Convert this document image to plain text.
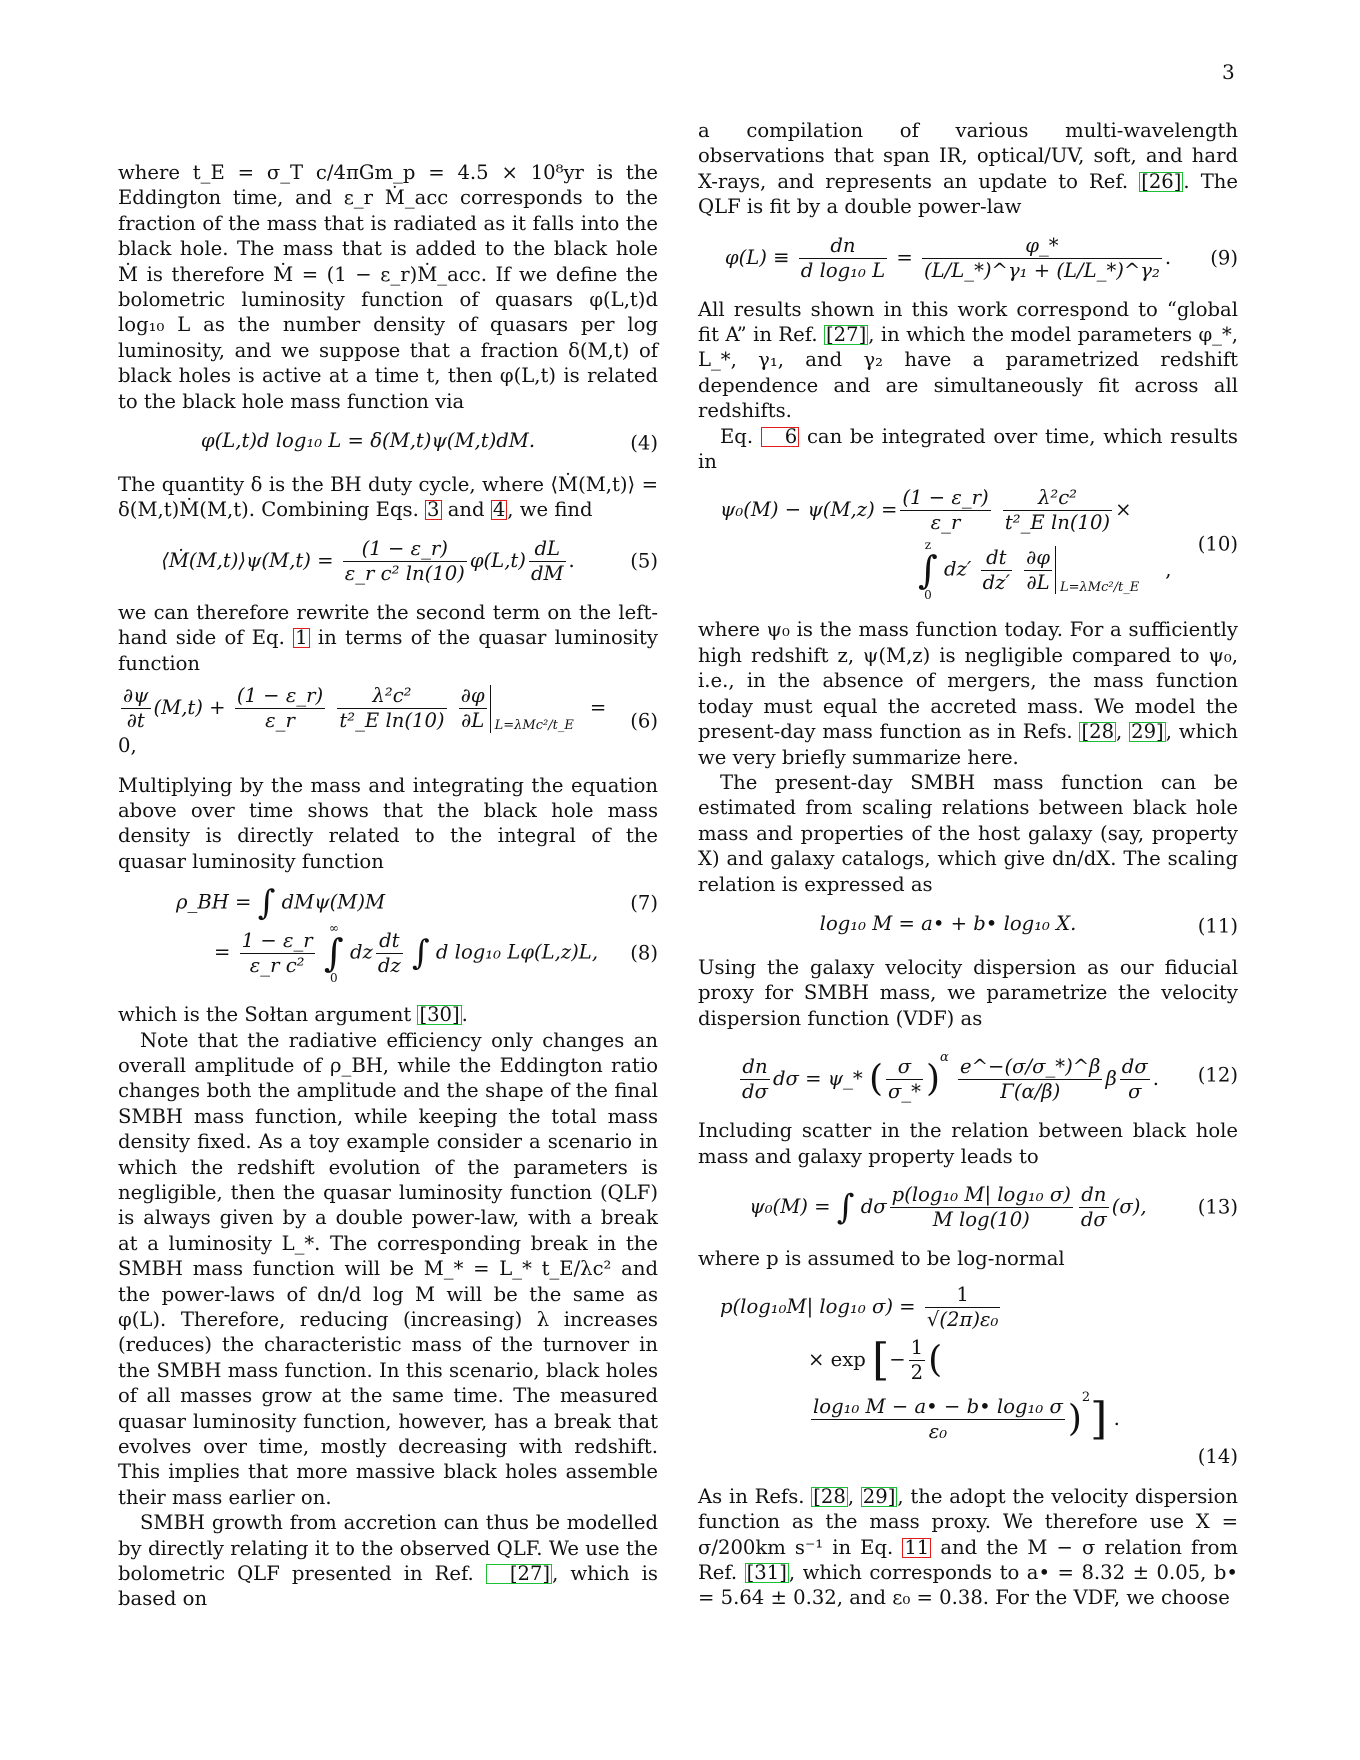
3

where t_E = σ_T c/4πGm_p = 4.5 × 10⁸yr is the Eddington time, and ε_r Ṁ_acc corresponds to the fraction of the mass that is radiated as it falls into the black hole. The mass that is added to the black hole Ṁ is therefore Ṁ = (1 − ε_r)Ṁ_acc. If we define the bolometric luminosity function of quasars φ(L,t)d log₁₀ L as the number density of quasars per log luminosity, and we suppose that a fraction δ(M,t) of black holes is active at a time t, then φ(L,t) is related to the black hole mass function via

φ(L,t)d log₁₀ L = δ(M,t)ψ(M,t)dM.	(4)

The quantity δ is the BH duty cycle, where ⟨Ṁ(M,t)⟩ = δ(M,t)Ṁ(M,t). Combining Eqs. 3 and 4 , we find

⟨Ṁ(M,t)⟩ψ(M,t) = $\frac{(1 - \varepsilon\_r)}{\text{ε\_r c² ln(10)}} \varphi(L,t) \frac{dL}{dM}$ .	(5)

we can therefore rewrite the second term on the left-hand side of Eq. 1 in terms of the quasar luminosity function

$\frac{\partial\psi}{\partial t} (M,t) + \frac{(1 - \varepsilon\_r)}{\varepsilon\_r}$
$\frac{\text{λ²c²}}{\text{t²\_E ln(10)}}$
$\frac{\partial\varphi}{\partial L}$ L=λMc²/t_E
= 0,
(6)

Multiplying by the mass and integrating the equation above over time shows that the black hole mass density is directly related to the integral of the quasar luminosity function

ρ_BH = ∫ dMψ(M)M	(7)
= $\frac{1 - \varepsilon\_r}{\text{ε\_r c²}}$
∞
∫
0 dz $\frac{dt}{dz}$ ∫ d log₁₀ Lφ(L,z)L,	(8)

which is the Sołtan argument [30] .

Note that the radiative efficiency only changes an overall amplitude of ρ_BH, while the Eddington ratio changes both the amplitude and the shape of the final SMBH mass function, while keeping the total mass density fixed. As a toy example consider a scenario in which the redshift evolution of the parameters is negligible, then the quasar luminosity function (QLF) is always given by a double power-law, with a break at a luminosity L_*. The corresponding break in the SMBH mass function will be M_* = L_* t_E/λc² and the power-laws of dn/d log M will be the same as φ(L). Therefore, reducing (increasing) λ increases (reduces) the characteristic mass of the turnover in the SMBH mass function. In this scenario, black holes of all masses grow at the same time. The measured quasar luminosity function, however, has a break that evolves over time, mostly decreasing with redshift. This implies that more massive black holes assemble their mass earlier on.

SMBH growth from accretion can thus be modelled by directly relating it to the observed QLF. We use the bolometric QLF presented in Ref. [27] , which is based on

a compilation of various multi-wavelength observations that span IR, optical/UV, soft, and hard X-rays, and represents an update to Ref. [26] . The QLF is fit by a double power-law

$\varphi(L) \equiv \frac{dn}{\text{d log₁₀ L}} = \frac{\varphi\_*}{\text{(L/L\_*)\textasciicircum{}γ₁ + (L/L\_*)\textasciicircum{}γ₂}}$ .	(9)

All results shown in this work correspond to “global fit A” in Ref. [27] , in which the model parameters φ_*, L_*, γ₁, and γ₂ have a parametrized redshift dependence and are simultaneously fit across all redshifts.

Eq. 6 can be integrated over time, which results in

$\psi_0(M) - \psi(M,z) = \frac{(1 - \varepsilon\_r)}{\varepsilon\_r}$
$\frac{\text{λ²c²}}{\text{t²\_E ln(10)}}$ ×
z
∫
0 $dz' \frac{dt}{dz'}$
$\frac{\partial\varphi}{\partial L}$ L=λMc²/t_E
,
(10)

where ψ₀ is the mass function today. For a sufficiently high redshift z, ψ(M,z) is negligible compared to ψ₀, i.e., in the absence of mergers, the mass function today must equal the accreted mass. We model the present-day mass function as in Refs. [28 , 29] , which we very briefly summarize here.

The present-day SMBH mass function can be estimated from scaling relations between black hole mass and properties of the host galaxy (say, property X) and galaxy catalogs, which give dn/dX. The scaling relation is expressed as

log₁₀ M = a• + b• log₁₀ X.	(11)

Using the galaxy velocity dispersion as our fiducial proxy for SMBH mass, we parametrize the velocity dispersion function (VDF) as

$\frac{dn}{d\sigma}$ dσ = ψ_* ( $\frac{\sigma}{\sigma\_*} )^\alpha \frac{e\^{}-(\sigma/\sigma\_*)\^{}\beta}{\Gamma(\alpha/\beta)}$ β $\frac{d\sigma}{\sigma}$ .	(12)

Including scatter in the relation between black hole mass and galaxy property leads to

ψ₀(M) = ∫ dσ $\frac{\text{p(log₁₀ M| log₁₀ σ)}}{\text{M log(10)}} \frac{dn}{d\sigma} (\sigma)$,	(13)

where p is assumed to be log-normal

p(log₁₀M| log₁₀ $\sigma) = \frac{1}{\text{√(2π)ε₀}}$
× exp [− $\frac{1}{2}$ (
$\frac{\text{log₁₀ M − a• − b• log₁₀ σ}}{\text{ε₀}} )^2$] .
(14)

As in Refs. [28 , 29] , the adopt the velocity dispersion function as the mass proxy. We therefore use X = σ/200km s⁻¹ in Eq. 11 and the M − σ relation from Ref. [31] , which corresponds to a• = 8.32 ± 0.05, b• = 5.64 ± 0.32, and ε₀ = 0.38. For the VDF, we choose
